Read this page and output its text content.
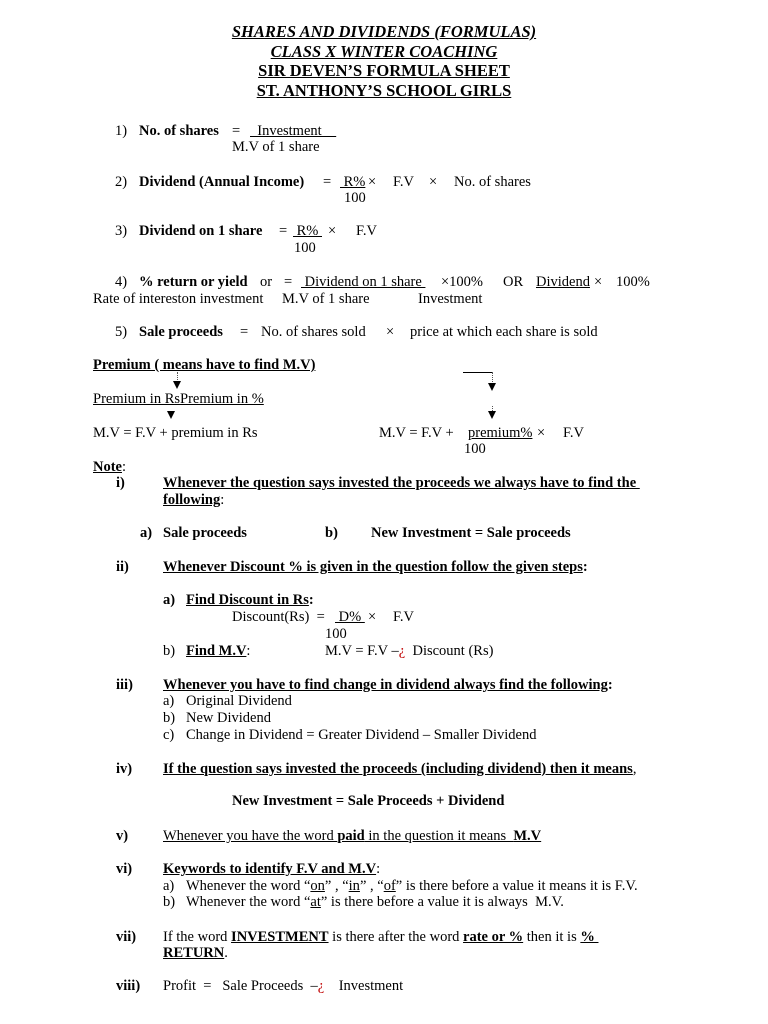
SHARES AND DIVIDENDS (FORMULAS)
CLASS X WINTER COACHING
SIR DEVEN’S FORMULA SHEET
ST. ANTHONY’S SCHOOL GIRLS
1) No. of shares = Investment
M.V of 1 share
2) Dividend (Annual Income) = R% × F.V × No. of shares
100
3) Dividend on 1 share = R% × F.V
100
4) % return or yield or = Dividend on 1 share ×100% OR Dividend × 100%
Rate of intereston investment M.V of 1 share	Investment
5) Sale proceeds = No. of shares sold × price at which each share is sold
Premium ( means have to find M.V)
Premium in RsPremium in %
M.V = F.V + premium in Rs	M.V = F.V + premium% × F.V
100
Note:
i)	Whenever the question says invested the proceeds we always have to find the
following:
a) Sale proceeds	b) New Investment = Sale proceeds
ii) Whenever Discount % is given in the question follow the given steps:
a) Find Discount in Rs:
Discount(Rs)  = D% × F.V
100
b) Find M.V:	M.V = F.V –¿ Discount (Rs)
iii) Whenever you have to find change in dividend always find the following:
a) Original Dividend
b) New Dividend
c) Change in Dividend = Greater Dividend – Smaller Dividend
iv) If the question says invested the proceeds (including dividend) then it means,
New Investment = Sale Proceeds + Dividend
v) Whenever you have the word paid in the question it means  M.V
vi) Keywords to identify F.V and M.V:
a) Whenever the word “on” , “in” , “of” is there before a value it means it is F.V.
b) Whenever the word “at” is there before a value it is always  M.V.
vii) If the word INVESTMENT is there after the word rate or % then it is %
RETURN.
viii) Profit  =   Sale Proceeds  –¿ Investment
